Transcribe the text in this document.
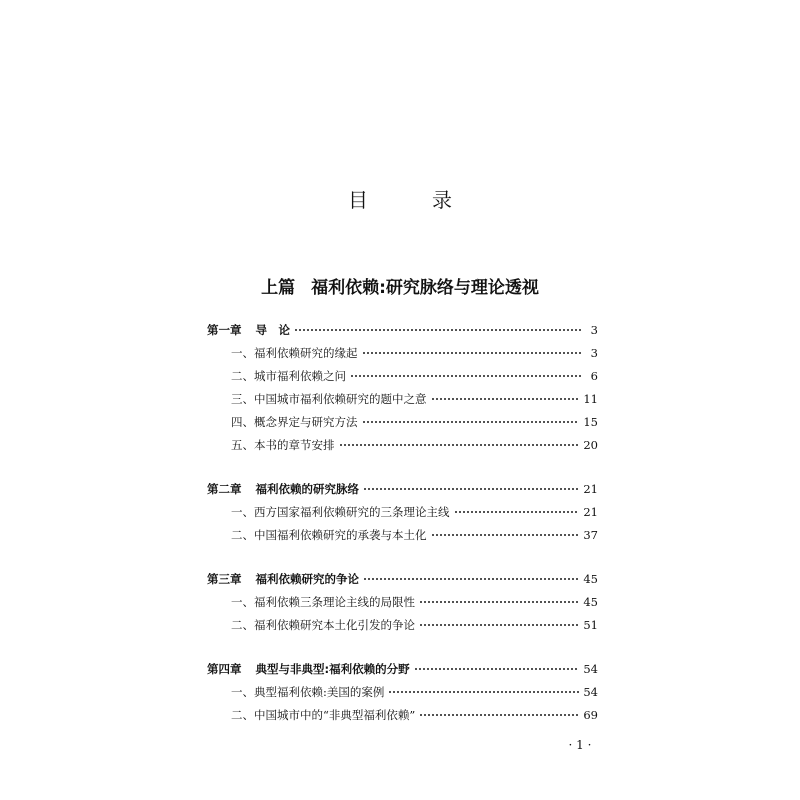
目　录
上篇 福利依赖:研究脉络与理论透视
第一章 导　论	3
一、福利依赖研究的缘起	3
二、城市福利依赖之问	6
三、中国城市福利依赖研究的题中之意	11
四、概念界定与研究方法	15
五、本书的章节安排	20
第二章 福利依赖的研究脉络	21
一、西方国家福利依赖研究的三条理论主线	21
二、中国福利依赖研究的承袭与本土化	37
第三章 福利依赖研究的争论	45
一、福利依赖三条理论主线的局限性	45
二、福利依赖研究本土化引发的争论	51
第四章 典型与非典型:福利依赖的分野	54
一、典型福利依赖:美国的案例	54
二、中国城市中的“非典型福利依赖”	69
· 1 ·
